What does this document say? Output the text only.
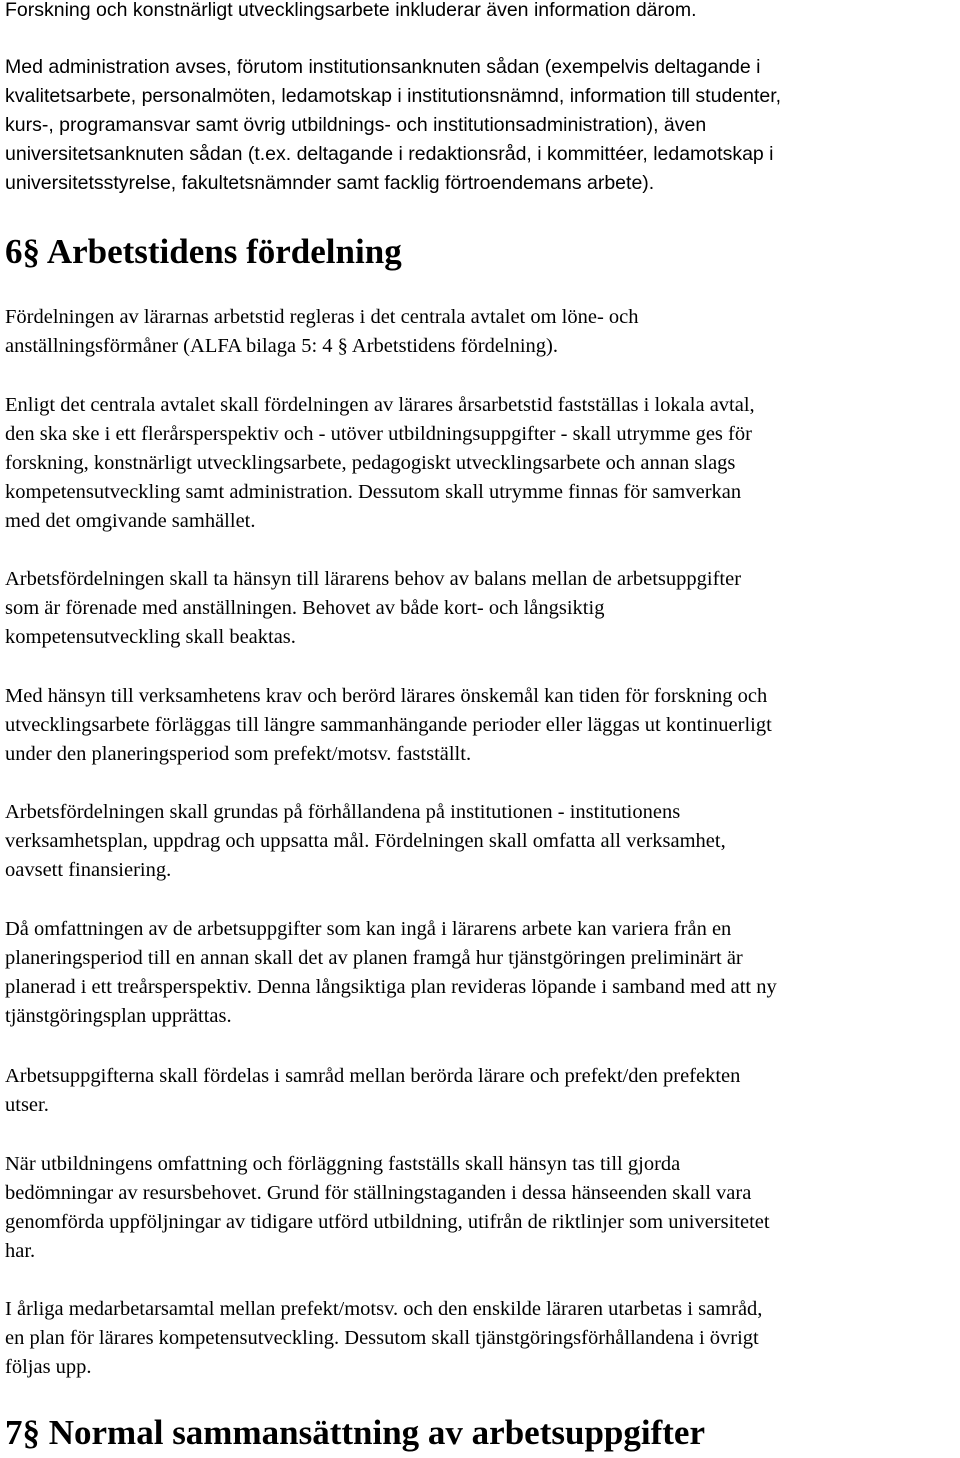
Forskning och konstnärligt utvecklingsarbete inkluderar även information därom.

Med administration avses, förutom institutionsanknuten sådan (exempelvis deltagande i
kvalitetsarbete, personalmöten, ledamotskap i institutionsnämnd, information till studenter,
kurs-, programansvar samt övrig utbildnings- och institutionsadministration), även
universitetsanknuten sådan (t.ex. deltagande i redaktionsråd, i kommittéer, ledamotskap i
universitetsstyrelse, fakultetsnämnder samt facklig förtroendemans arbete).

6§ Arbetstidens fördelning

Fördelningen av lärarnas arbetstid regleras i det centrala avtalet om löne- och
anställningsförmåner (ALFA bilaga 5: 4 § Arbetstidens fördelning).

Enligt det centrala avtalet skall fördelningen av lärares årsarbetstid fastställas i lokala avtal,
den ska ske i ett flerårsperspektiv och - utöver utbildningsuppgifter - skall utrymme ges för
forskning, konstnärligt utvecklingsarbete, pedagogiskt utvecklingsarbete och annan slags
kompetensutveckling samt administration. Dessutom skall utrymme finnas för samverkan
med det omgivande samhället.

Arbetsfördelningen skall ta hänsyn till lärarens behov av balans mellan de arbetsuppgifter
som är förenade med anställningen. Behovet av både kort- och långsiktig
kompetensutveckling skall beaktas.

Med hänsyn till verksamhetens krav och berörd lärares önskemål kan tiden för forskning och
utvecklingsarbete förläggas till längre sammanhängande perioder eller läggas ut kontinuerligt
under den planeringsperiod som prefekt/motsv. fastställt.

Arbetsfördelningen skall grundas på förhållandena på institutionen - institutionens
verksamhetsplan, uppdrag och uppsatta mål. Fördelningen skall omfatta all verksamhet,
oavsett finansiering.

Då omfattningen av de arbetsuppgifter som kan ingå i lärarens arbete kan variera från en
planeringsperiod till en annan skall det av planen framgå hur tjänstgöringen preliminärt är
planerad i ett treårsperspektiv. Denna långsiktiga plan revideras löpande i samband med att ny
tjänstgöringsplan upprättas.

Arbetsuppgifterna skall fördelas i samråd mellan berörda lärare och prefekt/den prefekten
utser.

När utbildningens omfattning och förläggning fastställs skall hänsyn tas till gjorda
bedömningar av resursbehovet. Grund för ställningstaganden i dessa hänseenden skall vara
genomförda uppföljningar av tidigare utförd utbildning, utifrån de riktlinjer som universitetet
har.

I årliga medarbetarsamtal mellan prefekt/motsv. och den enskilde läraren utarbetas i samråd,
en plan för lärares kompetensutveckling. Dessutom skall tjänstgöringsförhållandena i övrigt
följas upp.

7§ Normal sammansättning av arbetsuppgifter
